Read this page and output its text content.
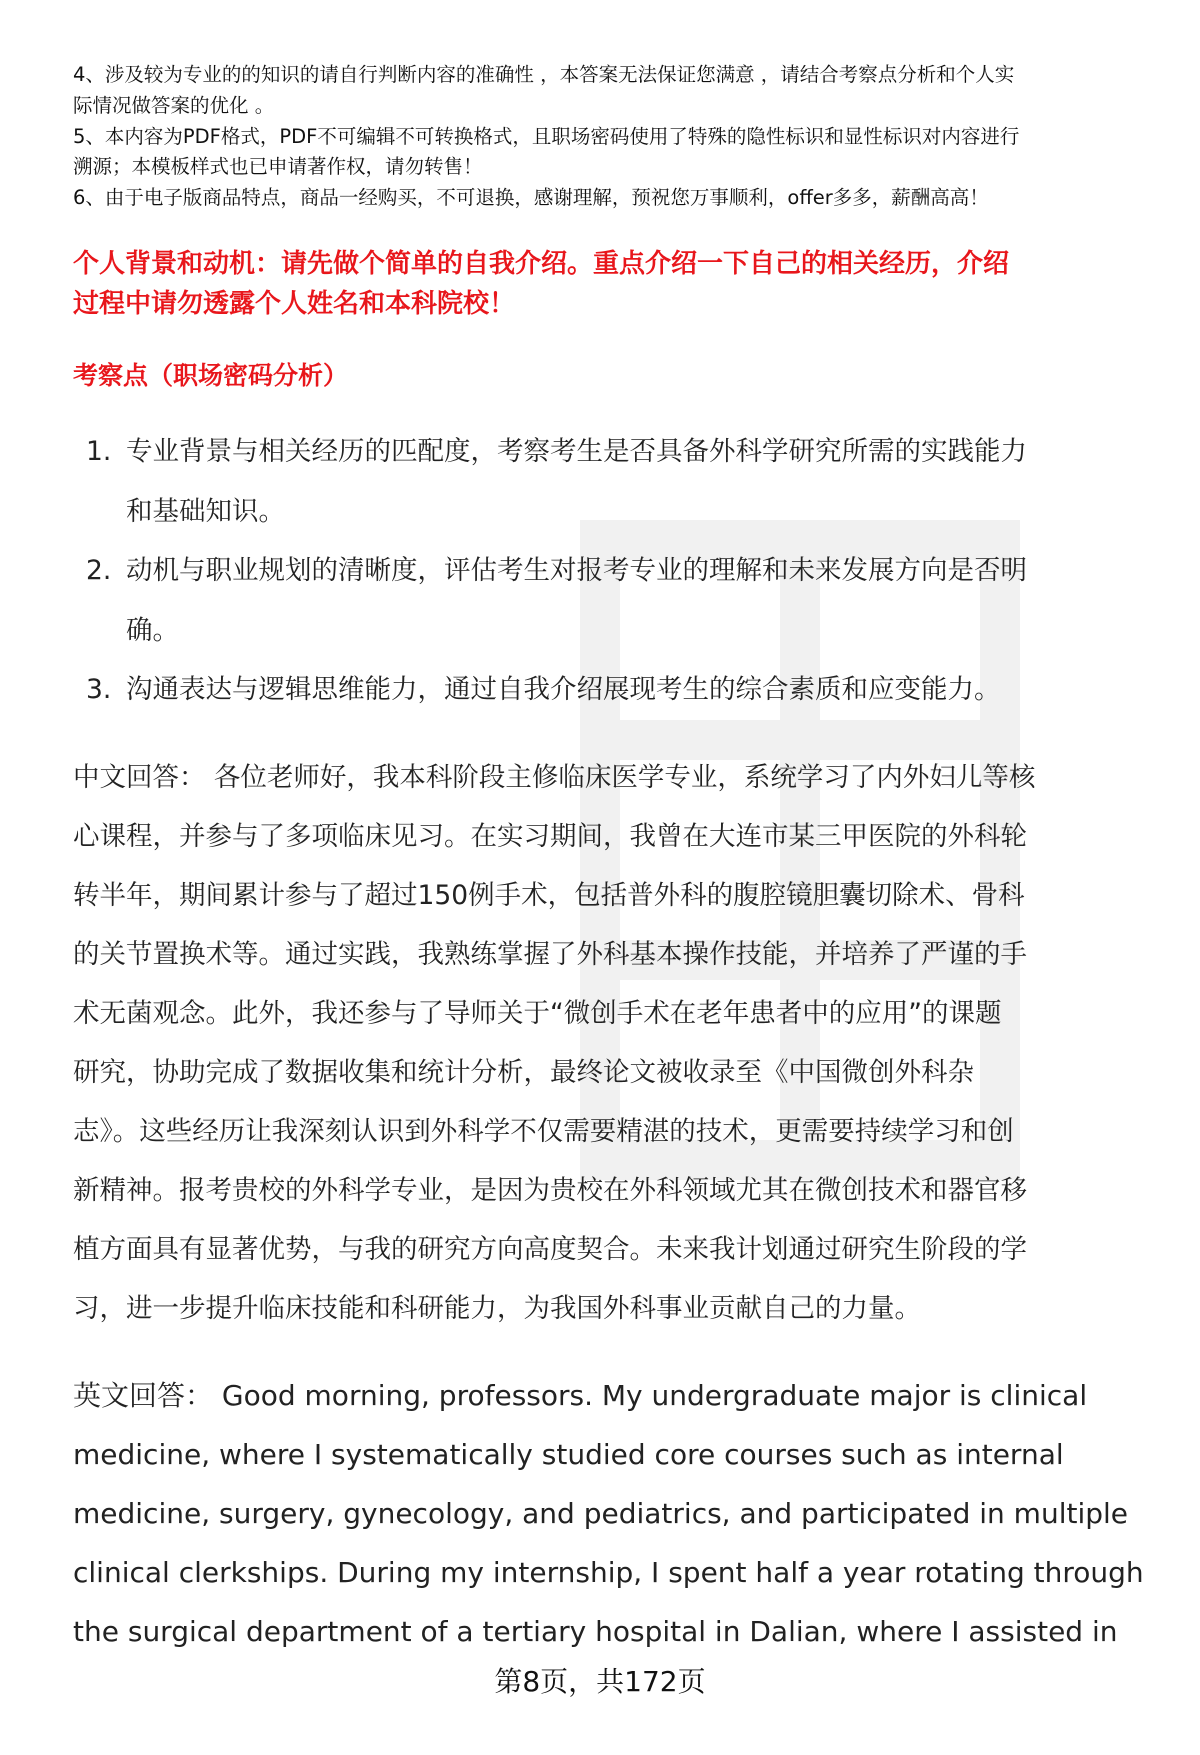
4、涉及较为专业的的知识的请自行判断内容的准确性 ，本答案无法保证您满意 ，请结合考察点分析和个人实
际情况做答案的优化 。
5、本内容为PDF格式，PDF不可编辑不可转换格式，且职场密码使用了特殊的隐性标识和显性标识对内容进行
溯源；本模板样式也已申请著作权，请勿转售！
6、由于电子版商品特点，商品一经购买，不可退换，感谢理解，预祝您万事顺利，offer多多，薪酬高高！
个人背景和动机：请先做个简单的自我介绍。重点介绍一下自己的相关经历，介绍
过程中请勿透露个人姓名和本科院校！
考察点（职场密码分析）
1. 专业背景与相关经历的匹配度，考察考生是否具备外科学研究所需的实践能力
和基础知识。
2. 动机与职业规划的清晰度，评估考生对报考专业的理解和未来发展方向是否明
确。
3. 沟通表达与逻辑思维能力，通过自我介绍展现考生的综合素质和应变能力。
中文回答： 各位老师好，我本科阶段主修临床医学专业，系统学习了内外妇儿等核
心课程，并参与了多项临床见习。在实习期间，我曾在大连市某三甲医院的外科轮
转半年，期间累计参与了超过150例手术，包括普外科的腹腔镜胆囊切除术、骨科
的关节置换术等。通过实践，我熟练掌握了外科基本操作技能，并培养了严谨的手
术无菌观念。此外，我还参与了导师关于“微创手术在老年患者中的应用”的课题
研究，协助完成了数据收集和统计分析，最终论文被收录至《中国微创外科杂
志》。这些经历让我深刻认识到外科学不仅需要精湛的技术，更需要持续学习和创
新精神。报考贵校的外科学专业，是因为贵校在外科领域尤其在微创技术和器官移
植方面具有显著优势，与我的研究方向高度契合。未来我计划通过研究生阶段的学
习，进一步提升临床技能和科研能力，为我国外科事业贡献自己的力量。
英文回答： Good morning, professors. My undergraduate major is clinical
medicine, where I systematically studied core courses such as internal
medicine, surgery, gynecology, and pediatrics, and participated in multiple
clinical clerkships. During my internship, I spent half a year rotating through
the surgical department of a tertiary hospital in Dalian, where I assisted in
第8页，共172页
